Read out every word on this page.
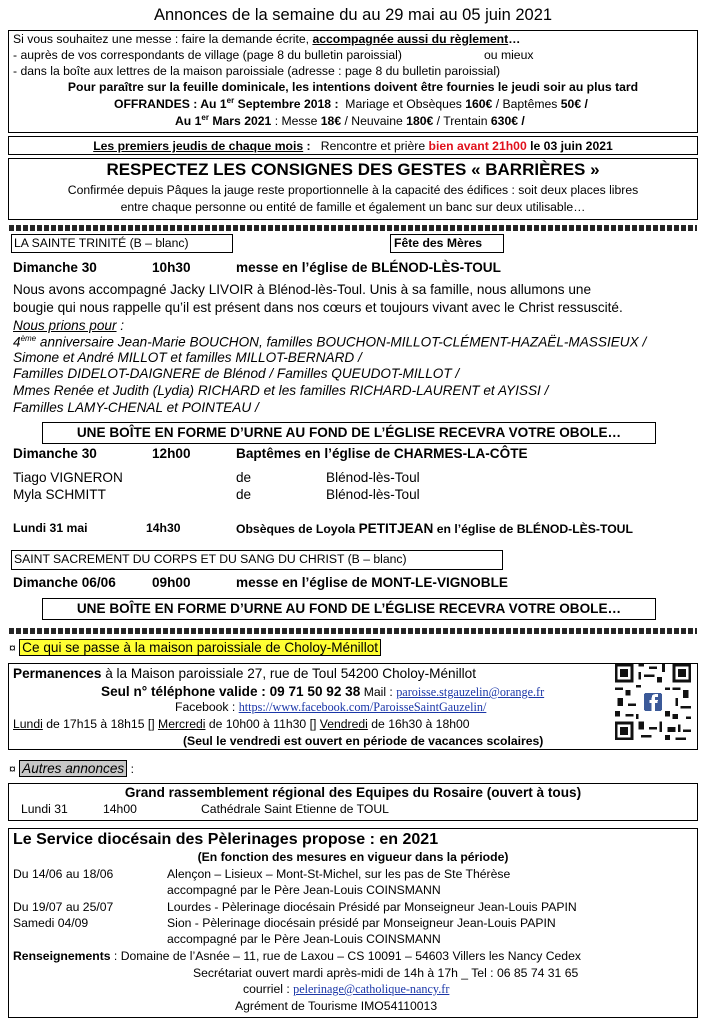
Annonces de la semaine du au 29 mai au 05 juin 2021
Si vous souhaitez une messe : faire la demande écrite, accompagnée aussi du règlement…
- auprès de vos correspondants de village (page 8 du bulletin paroissial)	ou mieux
- dans la boîte aux lettres de la maison paroissiale (adresse : page 8 du bulletin paroissial)
Pour paraître sur la feuille dominicale, les intentions doivent être fournies le jeudi soir au plus tard
OFFRANDES : Au 1er Septembre 2018 : Mariage et Obsèques 160€ / Baptêmes 50€ /
Au 1er Mars 2021 : Messe 18€ / Neuvaine 180€ / Trentain 630€ /
Les premiers jeudis de chaque mois : Rencontre et prière bien avant 21h00 le 03 juin 2021
RESPECTEZ LES CONSIGNES DES GESTES « BARRIÈRES »
Confirmée depuis Pâques la jauge reste proportionnelle à la capacité des édifices : soit deux places libres
entre chaque personne ou entité de famille et également un banc sur deux utilisable…
LA SAINTE TRINITÉ (B – blanc)	Fête des Mères
Dimanche 30	10h30	messe en l’église de BLÉNOD-LÈS-TOUL
Nous avons accompagné Jacky LIVOIR à Blénod-lès-Toul. Unis à sa famille, nous allumons une
bougie qui nous rappelle qu’il est présent dans nos cœurs et toujours vivant avec le Christ ressuscité.
Nous prions pour :
4ème anniversaire Jean-Marie BOUCHON, familles BOUCHON-MILLOT-CLÉMENT-HAZAËL-MASSIEUX /
Simone et André MILLOT et familles MILLOT-BERNARD /
Familles DIDELOT-DAIGNERE de Blénod / Familles QUEUDOT-MILLOT /
Mmes Renée et Judith (Lydia) RICHARD et les familles RICHARD-LAURENT et AYISSI /
Familles LAMY-CHENAL et POINTEAU /
UNE BOÎTE EN FORME D’URNE AU FOND DE L’ÉGLISE RECEVRA VOTRE OBOLE…
Dimanche 30	12h00	Baptêmes en l’église de CHARMES-LA-CÔTE
Tiago VIGNERON	de	Blénod-lès-Toul
Myla SCHMITT	de	Blénod-lès-Toul
Lundi 31 mai	14h30	Obsèques de Loyola PETITJEAN en l’église de BLÉNOD-LÈS-TOUL
SAINT SACREMENT DU CORPS ET DU SANG DU CHRIST (B – blanc)
Dimanche 06/06	09h00	messe en l’église de MONT-LE-VIGNOBLE
UNE BOÎTE EN FORME D’URNE AU FOND DE L’ÉGLISE RECEVRA VOTRE OBOLE…
¤ Ce qui se passe à la maison paroissiale de Choloy-Ménillot
Permanences à la Maison paroissiale 27, rue de Toul 54200 Choloy-Ménillot
Seul n° téléphone valide : 09 71 50 92 38 Mail : paroisse.stgauzelin@orange.fr
Facebook : https://www.facebook.com/ParoisseSaintGauzelin/
Lundi de 17h15 à 18h15 [] Mercredi de 10h00 à 11h30 [] Vendredi de 16h30 à 18h00
(Seul le vendredi est ouvert en période de vacances scolaires)
¤ Autres annonces :
Grand rassemblement régional des Equipes du Rosaire (ouvert à tous)
Lundi 31	14h00	Cathédrale Saint Etienne de TOUL
Le Service diocésain des Pèlerinages propose : en 2021
(En fonction des mesures en vigueur dans la période)
Du 14/06 au 18/06	Alençon – Lisieux – Mont-St-Michel, sur les pas de Ste Thérèse
accompagné par le Père Jean-Louis COINSMANN
Du 19/07 au 25/07	Lourdes - Pèlerinage diocésain Présidé par Monseigneur Jean-Louis PAPIN
Samedi 04/09	Sion - Pèlerinage diocésain présidé par Monseigneur Jean-Louis PAPIN
accompagné par le Père Jean-Louis COINSMANN
Renseignements : Domaine de l’Asnée – 11, rue de Laxou – CS 10091 – 54603 Villers les Nancy Cedex
Secrétariat ouvert mardi après-midi de 14h à 17h _ Tel : 06 85 74 31 65
courriel : pelerinage@catholique-nancy.fr
Agrément de Tourisme IMO54110013
